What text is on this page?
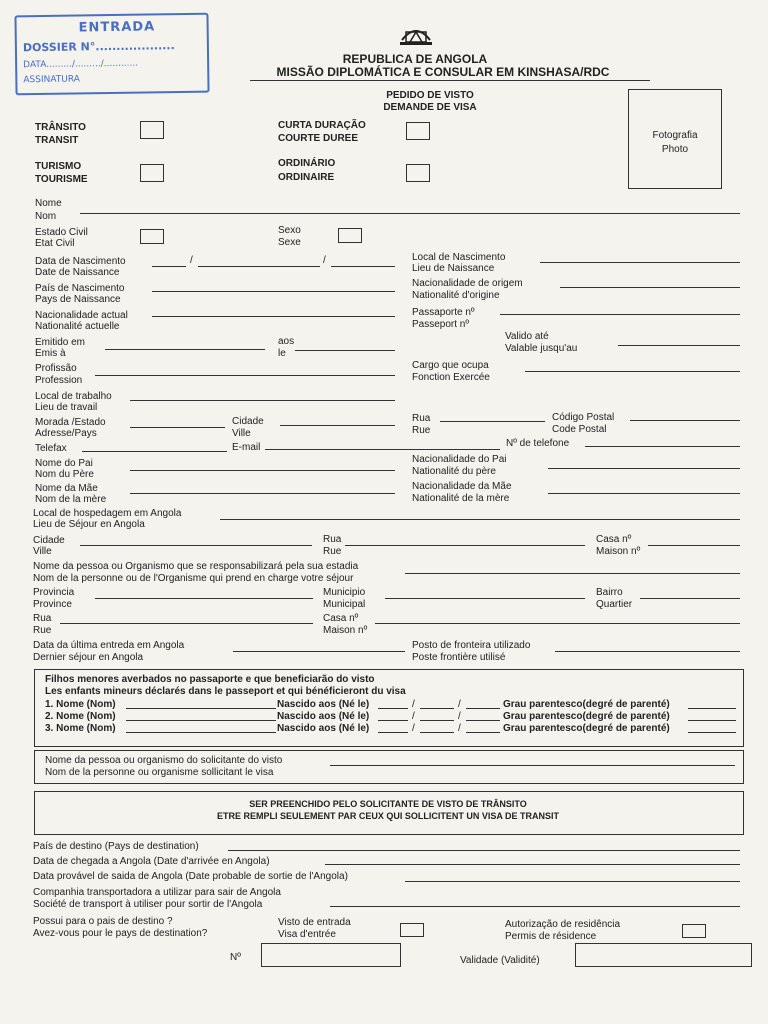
ENTRADA
DOSSIER N°...................
DATA........./........./............
ASSINATURA
REPUBLICA DE ANGOLA
MISSÃO DIPLOMÁTICA E CONSULAR EM KINSHASA/RDC
PEDIDO DE VISTO
DEMANDE DE VISA
Fotografia
Photo
TRÂNSITO
TRANSIT
CURTA DURAÇÃO
COURTE DUREE
TURISMO
TOURISME
ORDINÁRIO
ORDINAIRE
Nome
Nom
Estado Civil
Etat Civil
Sexo
Sexe
Data de Nascimento
Date de Naissance
/	/	Local de Nascimento
Lieu de Naissance
País de Nascimento
Pays de Naissance
Nacionalidade de origem
Nationalité d'origine
Nacionalidade actual
Nationalité actuelle
Passaporte nº
Passeport nº
Emitido em
Emis à
aos
le
Valido até
Valable jusqu'au
Profissão
Profession
Cargo que ocupa
Fonction Exercée
Local de trabalho
Lieu de travail
Morada /Estado
Adresse/Pays
Cidade
Ville
Rua
Rue
Código Postal
Code Postal
Telefax	E-mail	Nº de telefone
Nome do Pai
Nom du Père
Nacionalidade do Pai
Nationalité du père
Nome da Mãe
Nom de la mère
Nacionalidade da Mãe
Nationalité de la mère
Local de hospedagem em Angola
Lieu de Séjour en Angola
Cidade
Ville
Rua
Rue
Casa nº
Maison nº
Nome da pessoa ou Organismo que se responsabilizará pela sua estadia
Nom de la personne ou de l'Organisme qui prend en charge votre séjour
Provincia
Province
Municipio
Municipal
Bairro
Quartier
Rua
Rue
Casa nº
Maison nº
Data da última entreda em Angola
Dernier séjour en Angola
Posto de fronteira utilizado
Poste frontière utilisé
Filhos menores averbados no passaporte e que beneficiarão do visto
Les enfants mineurs déclarés dans le passeport et qui bénéficieront du visa
1. Nome (Nom)	Nascido aos (Né le)	/	/	Grau parentesco(degré de parenté)
2. Nome (Nom)	Nascido aos (Né le)	/	/	Grau parentesco(degré de parenté)
3. Nome (Nom)	Nascido aos (Né le)	/	/	Grau parentesco(degré de parenté)
Nome da pessoa ou organismo do solicitante do visto
Nom de la personne ou organisme sollicitant le visa
SER PREENCHIDO PELO SOLICITANTE DE VISTO DE TRÂNSITO
ETRE REMPLI SEULEMENT PAR CEUX QUI SOLLICITENT UN VISA DE TRANSIT
País de destino (Pays de destination)
Data de chegada a Angola (Date d'arrivée en Angola)
Data provável de saida de Angola (Date probable de sortie de l'Angola)
Companhia transportadora a utilizar para sair de Angola
Société de transport à utiliser pour sortir de l'Angola
Possui para o pais de destino ?
Avez-vous pour le pays de destination?
Visto de entrada
Visa d'entrée
Autorização de residência
Permis de résidence
Nº	Validade (Validité)
